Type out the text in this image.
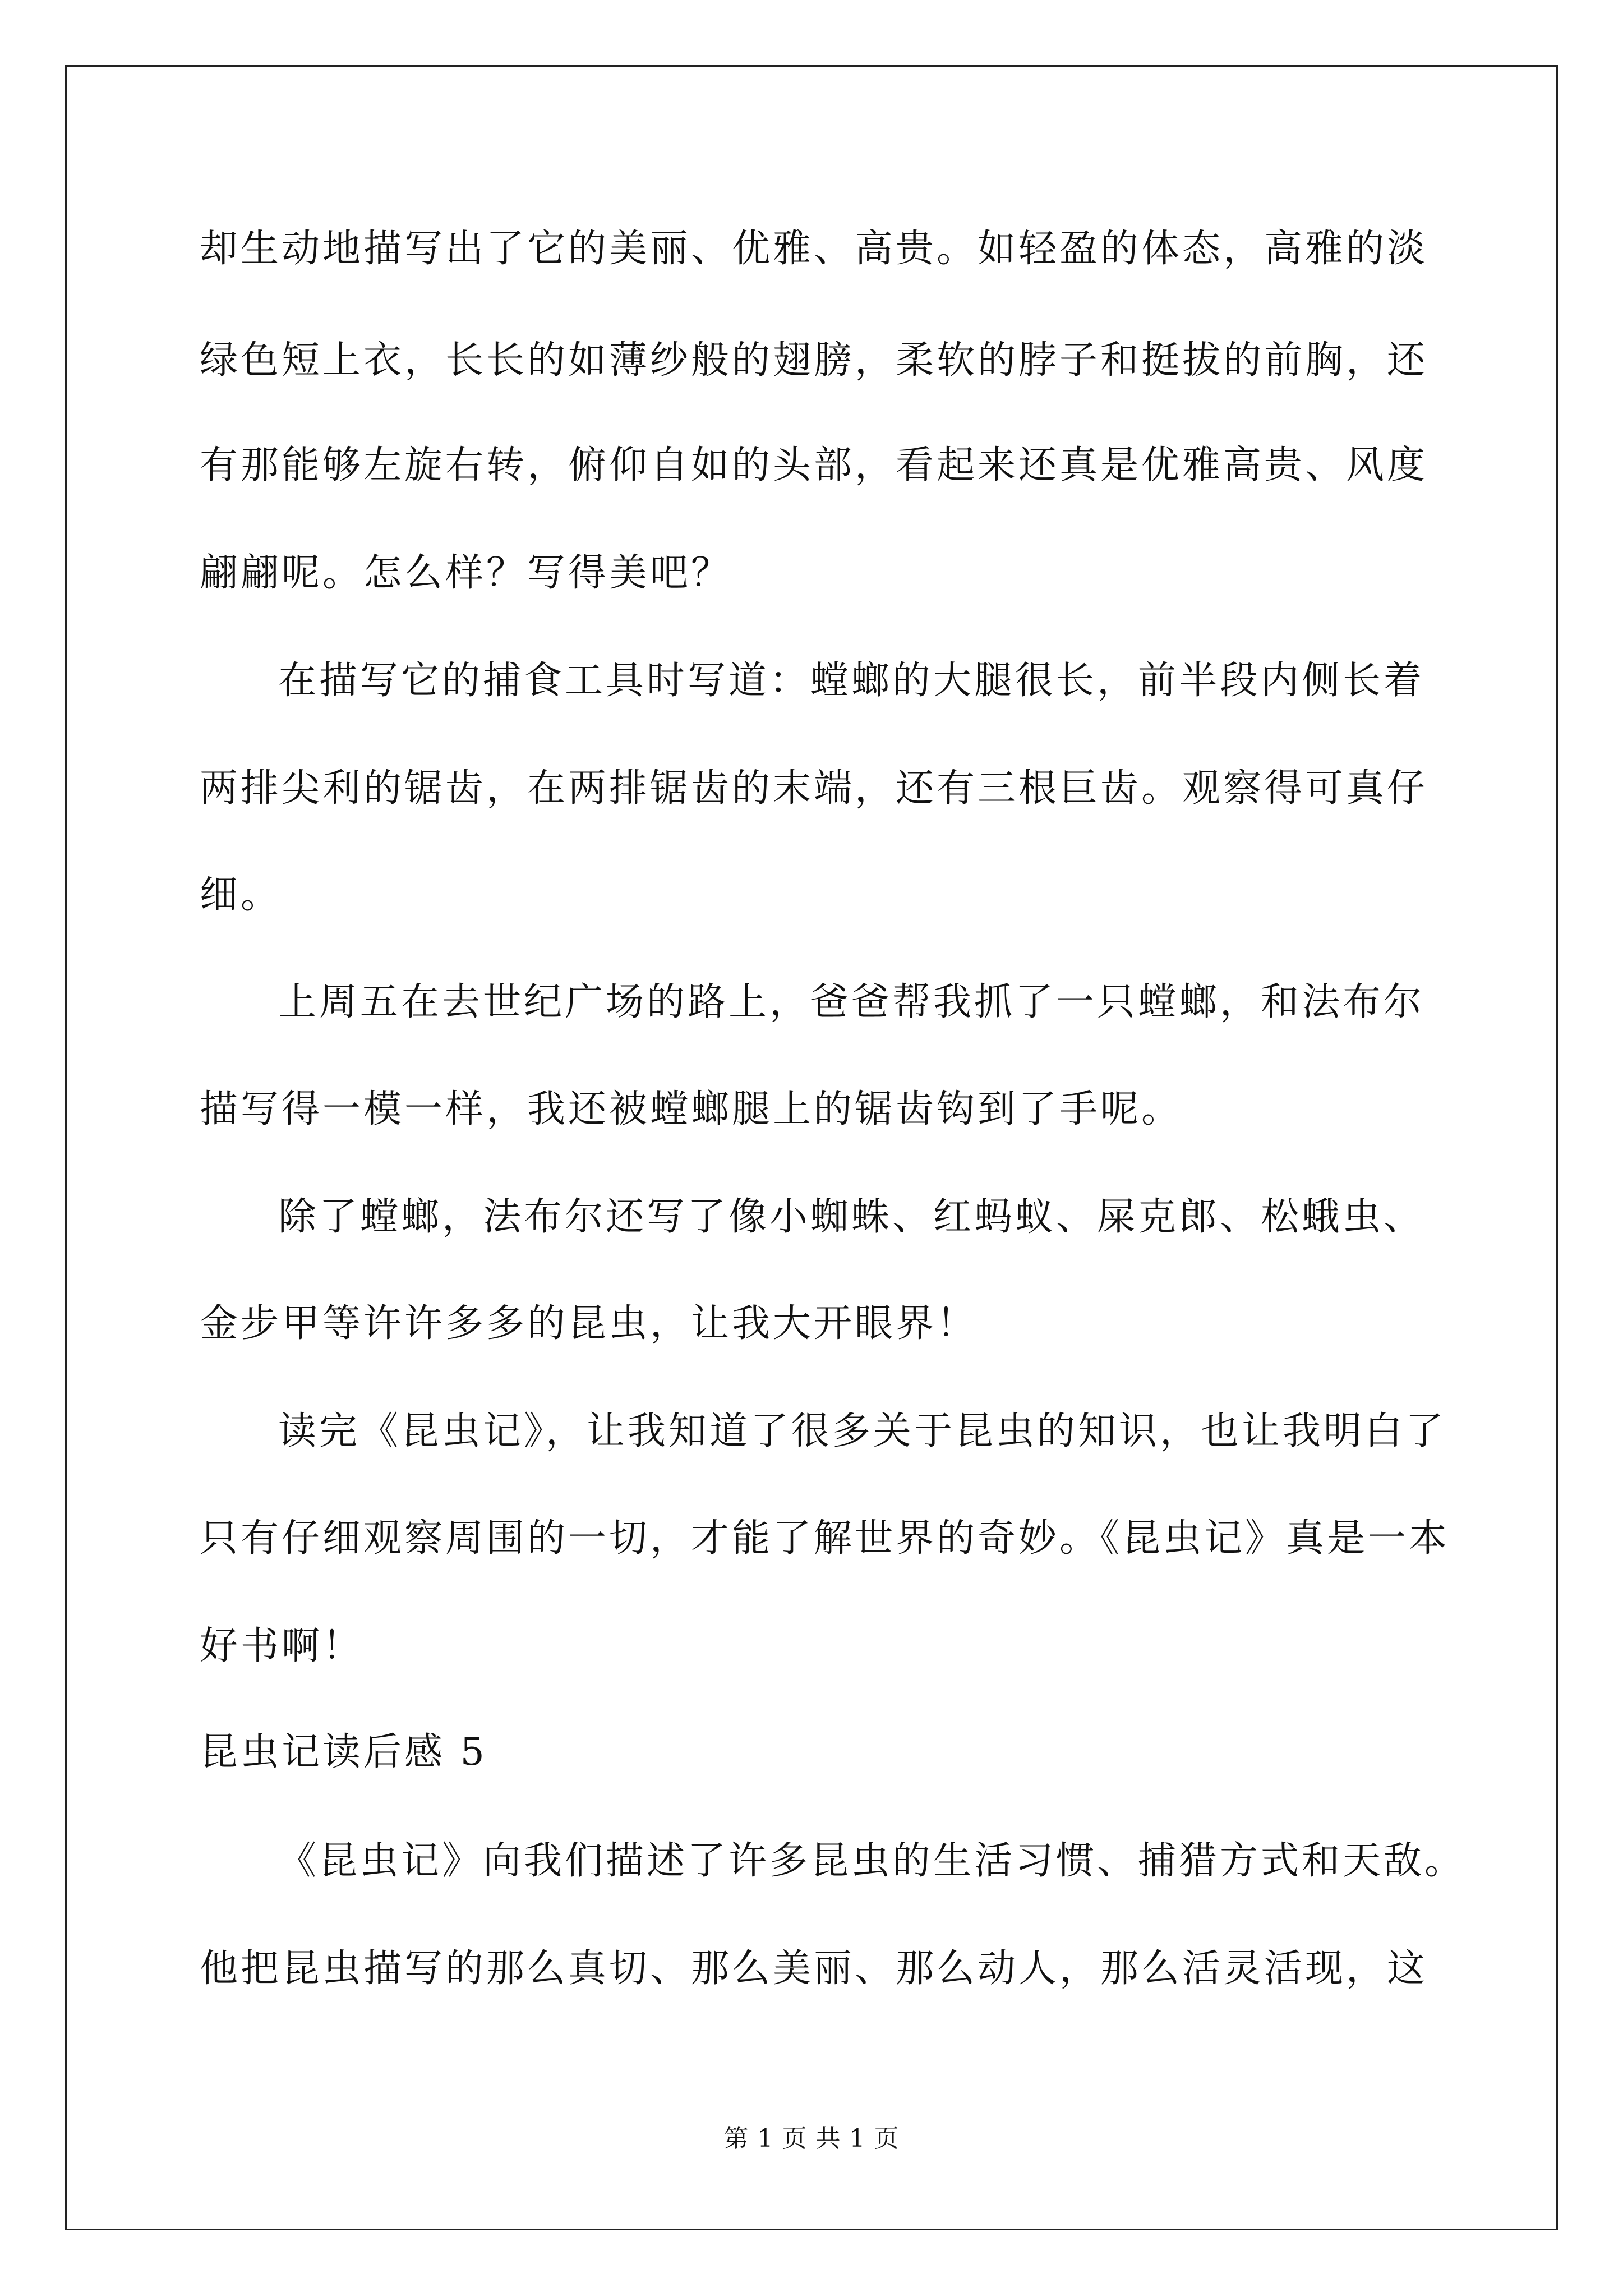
却生动地描写出了它的美丽、优雅、高贵。如轻盈的体态，高雅的淡
绿色短上衣，长长的如薄纱般的翅膀，柔软的脖子和挺拔的前胸，还
有那能够左旋右转，俯仰自如的头部，看起来还真是优雅高贵、风度
翩翩呢。怎么样？写得美吧？
在描写它的捕食工具时写道：螳螂的大腿很长，前半段内侧长着
两排尖利的锯齿，在两排锯齿的末端，还有三根巨齿。观察得可真仔
细。
上周五在去世纪广场的路上，爸爸帮我抓了一只螳螂，和法布尔
描写得一模一样，我还被螳螂腿上的锯齿钩到了手呢。
除了螳螂，法布尔还写了像小蜘蛛、红蚂蚁、屎克郎、松蛾虫、
金步甲等许许多多的昆虫，让我大开眼界！
读完《昆虫记》，让我知道了很多关于昆虫的知识，也让我明白了
只有仔细观察周围的一切，才能了解世界的奇妙。《昆虫记》真是一本
好书啊！
昆虫记读后感 5
《昆虫记》向我们描述了许多昆虫的生活习惯、捕猎方式和天敌。
他把昆虫描写的那么真切、那么美丽、那么动人，那么活灵活现，这
第 1 页 共 1 页
